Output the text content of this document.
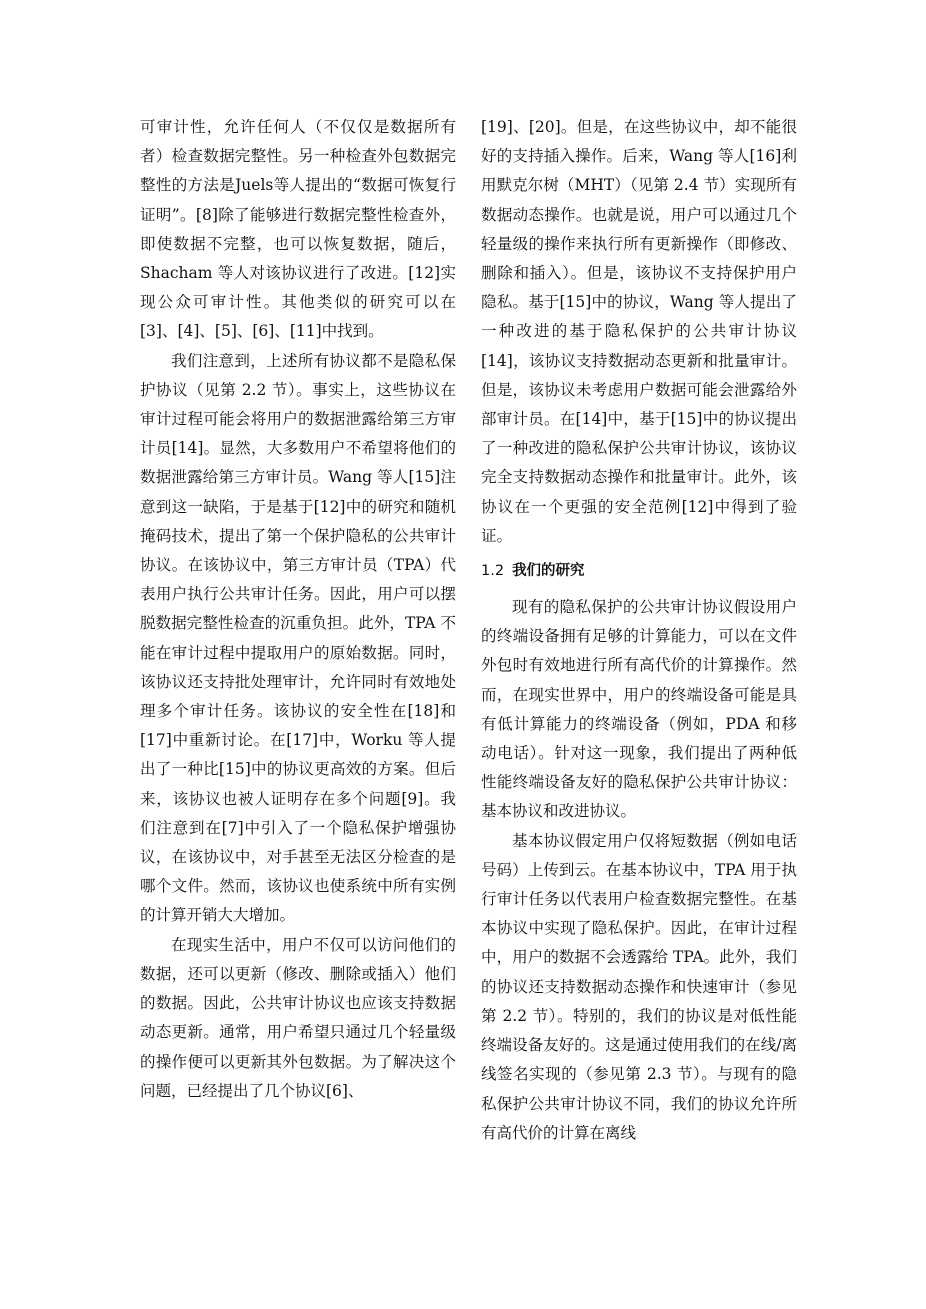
可审计性，允许任何人（不仅仅是数据所有者）检查数据完整性。另一种检查外包数据完整性的方法是Juels等人提出的“数据可恢复行证明”。[8]除了能够进行数据完整性检查外，即使数据不完整，也可以恢复数据，随后，Shacham 等人对该协议进行了改进。[12]实现公众可审计性。其他类似的研究可以在[3]、[4]、[5]、[6]、[11]中找到。

我们注意到，上述所有协议都不是隐私保护协议（见第 2.2 节）。事实上，这些协议在审计过程可能会将用户的数据泄露给第三方审计员[14]。显然，大多数用户不希望将他们的数据泄露给第三方审计员。Wang 等人[15]注意到这一缺陷，于是基于[12]中的研究和随机掩码技术，提出了第一个保护隐私的公共审计协议。在该协议中，第三方审计员（TPA）代表用户执行公共审计任务。因此，用户可以摆脱数据完整性检查的沉重负担。此外，TPA 不能在审计过程中提取用户的原始数据。同时，该协议还支持批处理审计，允许同时有效地处理多个审计任务。该协议的安全性在[18]和[17]中重新讨论。在[17]中，Worku 等人提出了一种比[15]中的协议更高效的方案。但后来，该协议也被人证明存在多个问题[9]。我们注意到在[7]中引入了一个隐私保护增强协议，在该协议中，对手甚至无法区分检查的是哪个文件。然而，该协议也使系统中所有实例的计算开销大大增加。

在现实生活中，用户不仅可以访问他们的数据，还可以更新（修改、删除或插入）他们的数据。因此，公共审计协议也应该支持数据动态更新。通常，用户希望只通过几个轻量级的操作便可以更新其外包数据。为了解决这个问题，已经提出了几个协议[6]、

[19]、[20]。但是，在这些协议中，却不能很好的支持插入操作。后来，Wang 等人[16]利用默克尔树（MHT）（见第 2.4 节）实现所有数据动态操作。也就是说，用户可以通过几个轻量级的操作来执行所有更新操作（即修改、删除和插入）。但是，该协议不支持保护用户隐私。基于[15]中的协议，Wang 等人提出了一种改进的基于隐私保护的公共审计协议[14]，该协议支持数据动态更新和批量审计。但是，该协议未考虑用户数据可能会泄露给外部审计员。在[14]中，基于[15]中的协议提出了一种改进的隐私保护公共审计协议，该协议完全支持数据动态操作和批量审计。此外，该协议在一个更强的安全范例[12]中得到了验证。

1.2 我们的研究

现有的隐私保护的公共审计协议假设用户的终端设备拥有足够的计算能力，可以在文件外包时有效地进行所有高代价的计算操作。然而，在现实世界中，用户的终端设备可能是具有低计算能力的终端设备（例如，PDA 和移动电话）。针对这一现象，我们提出了两种低性能终端设备友好的隐私保护公共审计协议：基本协议和改进协议。

基本协议假定用户仅将短数据（例如电话号码）上传到云。在基本协议中，TPA 用于执行审计任务以代表用户检查数据完整性。在基本协议中实现了隐私保护。因此，在审计过程中，用户的数据不会透露给 TPA。此外，我们的协议还支持数据动态操作和快速审计（参见第 2.2 节）。特别的，我们的协议是对低性能终端设备友好的。这是通过使用我们的在线/离线签名实现的（参见第 2.3 节）。与现有的隐私保护公共审计协议不同，我们的协议允许所有高代价的计算在离线
